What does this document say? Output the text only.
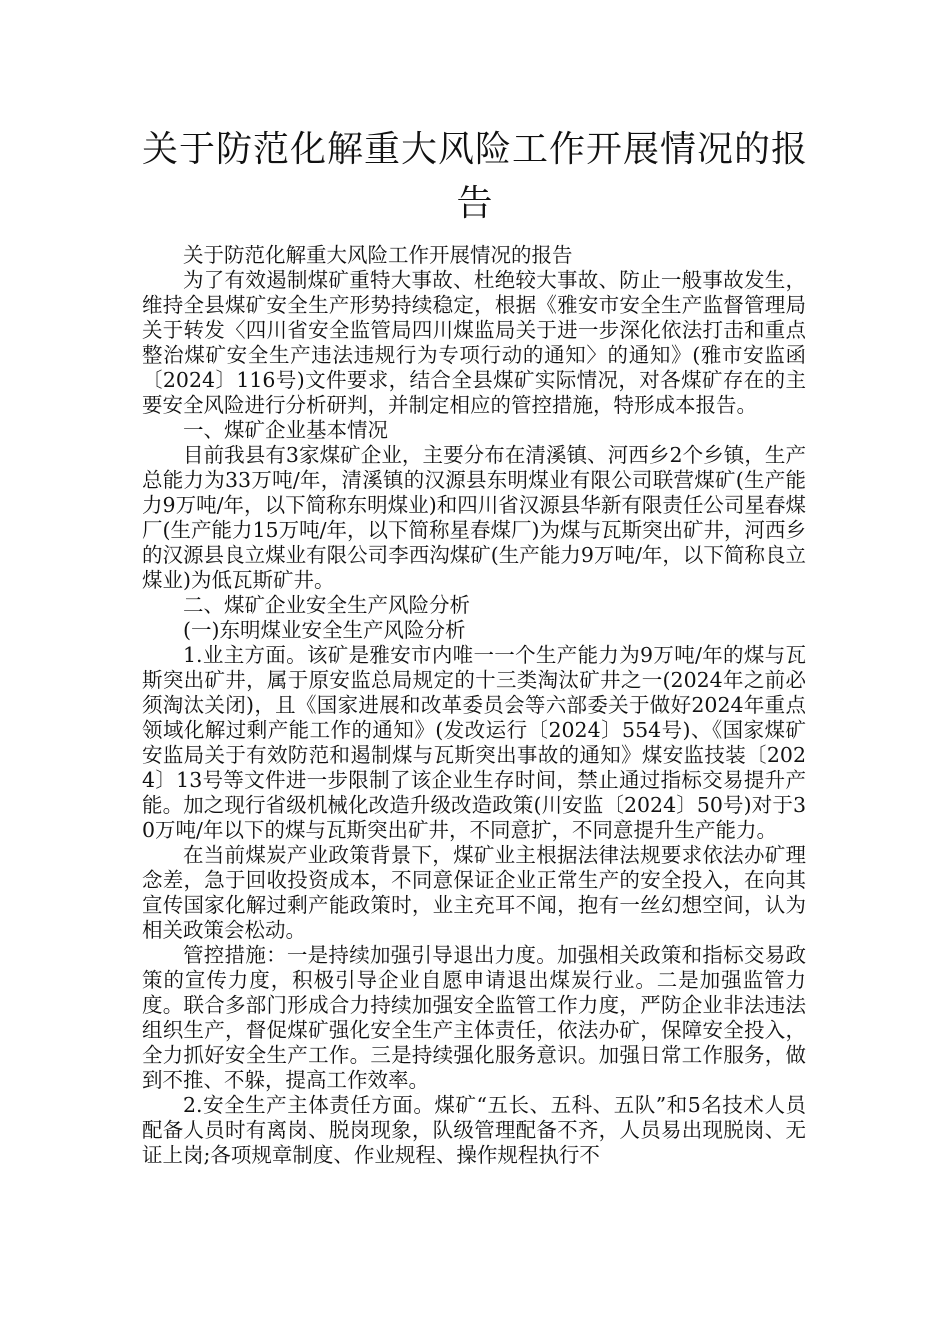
关于防范化解重大风险工作开展情况的报告

关于防范化解重大风险工作开展情况的报告

为了有效遏制煤矿重特大事故、杜绝较大事故、防止一般事故发生，维持全县煤矿安全生产形势持续稳定，根据《雅安市安全生产监督管理局关于转发〈四川省安全监管局四川煤监局关于进一步深化依法打击和重点整治煤矿安全生产违法违规行为专项行动的通知〉的通知》(雅市安监函〔2024〕116号)文件要求，结合全县煤矿实际情况，对各煤矿存在的主要安全风险进行分析研判，并制定相应的管控措施，特形成本报告。

一、煤矿企业基本情况

目前我县有3家煤矿企业，主要分布在清溪镇、河西乡2个乡镇，生产总能力为33万吨/年，清溪镇的汉源县东明煤业有限公司联营煤矿(生产能力9万吨/年，以下简称东明煤业)和四川省汉源县华新有限责任公司星春煤厂(生产能力15万吨/年，以下简称星春煤厂)为煤与瓦斯突出矿井，河西乡的汉源县良立煤业有限公司李西沟煤矿(生产能力9万吨/年，以下简称良立煤业)为低瓦斯矿井。

二、煤矿企业安全生产风险分析

(一)东明煤业安全生产风险分析

1.业主方面。该矿是雅安市内唯一一个生产能力为9万吨/年的煤与瓦斯突出矿井，属于原安监总局规定的十三类淘汰矿井之一(2024年之前必须淘汰关闭)，且《国家进展和改革委员会等六部委关于做好2024年重点领域化解过剩产能工作的通知》(发改运行〔2024〕554号)、《国家煤矿安监局关于有效防范和遏制煤与瓦斯突出事故的通知》煤安监技装〔2024〕13号等文件进一步限制了该企业生存时间，禁止通过指标交易提升产能。加之现行省级机械化改造升级改造政策(川安监〔2024〕50号)对于30万吨/年以下的煤与瓦斯突出矿井，不同意扩，不同意提升生产能力。

在当前煤炭产业政策背景下，煤矿业主根据法律法规要求依法办矿理念差，急于回收投资成本，不同意保证企业正常生产的安全投入，在向其宣传国家化解过剩产能政策时，业主充耳不闻，抱有一丝幻想空间，认为相关政策会松动。

管控措施：一是持续加强引导退出力度。加强相关政策和指标交易政策的宣传力度，积极引导企业自愿申请退出煤炭行业。二是加强监管力度。联合多部门形成合力持续加强安全监管工作力度，严防企业非法违法组织生产，督促煤矿强化安全生产主体责任，依法办矿，保障安全投入，全力抓好安全生产工作。三是持续强化服务意识。加强日常工作服务，做到不推、不躲，提高工作效率。

2.安全生产主体责任方面。煤矿“五长、五科、五队”和5名技术人员配备人员时有离岗、脱岗现象，队级管理配备不齐，人员易出现脱岗、无证上岗;各项规章制度、作业规程、操作规程执行不
